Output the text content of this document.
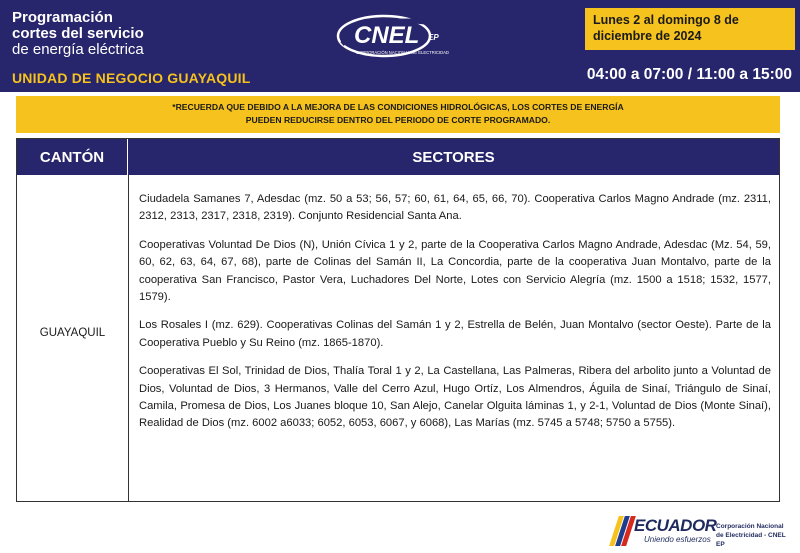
Programación
cortes del servicio
de energía eléctrica
UNIDAD DE NEGOCIO GUAYAQUIL
CNEL EP
CORPORACIÓN NACIONAL DE ELECTRICIDAD
Lunes 2 al domingo 8 de diciembre de 2024
04:00 a 07:00 / 11:00 a 15:00
*RECUERDA QUE DEBIDO A LA MEJORA DE LAS CONDICIONES HIDROLÓGICAS, LOS CORTES DE ENERGÍA
PUEDEN REDUCIRSE DENTRO DEL PERIODO DE CORTE PROGRAMADO.
CANTÓN	SECTORES
GUAYAQUIL

Ciudadela Samanes 7, Adesdac (mz. 50 a 53; 56, 57; 60, 61, 64, 65, 66, 70). Cooperativa Carlos Magno Andrade (mz. 2311, 2312, 2313, 2317, 2318, 2319). Conjunto Residencial Santa Ana.

Cooperativas Voluntad De Dios (N), Unión Cívica 1 y 2, parte de la Cooperativa Carlos Magno Andrade, Adesdac (Mz. 54, 59, 60, 62, 63, 64, 67, 68), parte de Colinas del Samán II, La Concordia, parte de la cooperativa Juan Montalvo, parte de la cooperativa San Francisco, Pastor Vera, Luchadores Del Norte, Lotes con Servicio Alegría (mz. 1500 a 1518; 1532, 1577, 1579).

Los Rosales I (mz. 629). Cooperativas Colinas del Samán 1 y 2, Estrella de Belén, Juan Montalvo (sector Oeste). Parte de la Cooperativa Pueblo y Su Reino (mz. 1865-1870).

Cooperativas El Sol, Trinidad de Dios, Thalía Toral 1 y 2, La Castellana, Las Palmeras, Ribera del arbolito junto a Voluntad de Dios, Voluntad de Dios, 3 Hermanos, Valle del Cerro Azul, Hugo Ortíz, Los Almendros, Águila de Sinaí, Triángulo de Sinaí, Camila, Promesa de Dios, Los Juanes bloque 10, San Alejo, Canelar Olguita láminas 1, y 2-1, Voluntad de Dios (Monte Sinaí), Realidad de Dios (mz. 6002 a6033; 6052, 6053, 6067, y 6068), Las Marías (mz. 5745 a 5748; 5750 a 5755).

ECUADOR
Uniendo esfuerzos
Corporación Nacional de Electricidad - CNEL EP
